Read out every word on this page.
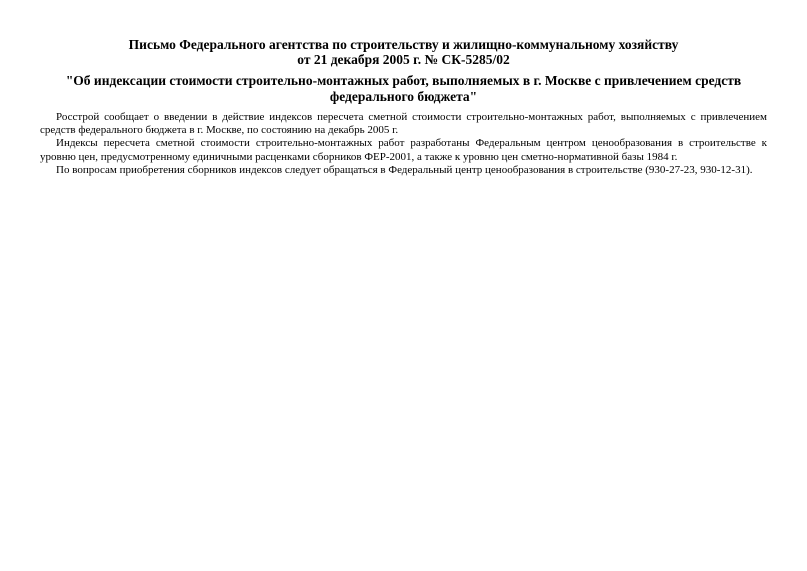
Письмо Федерального агентства по строительству и жилищно-коммунальному хозяйству

от 21 декабря 2005 г. № СК-5285/02

"Об индексации стоимости строительно-монтажных работ, выполняемых в г. Москве с привлечением средств федерального бюджета"

Росстрой сообщает о введении в действие индексов пересчета сметной стоимости строительно-монтажных работ, выполняемых с привлечением средств федерального бюджета в г. Москве, по состоянию на декабрь 2005 г.

Индексы пересчета сметной стоимости строительно-монтажных работ разработаны Федеральным центром ценообразования в строительстве к уровню цен, предусмотренному единичными расценками сборников ФЕР-2001, а также к уровню цен сметно-нормативной базы 1984 г.

По вопросам приобретения сборников индексов следует обращаться в Федеральный центр ценообразования в строительстве (930-27-23, 930-12-31).
